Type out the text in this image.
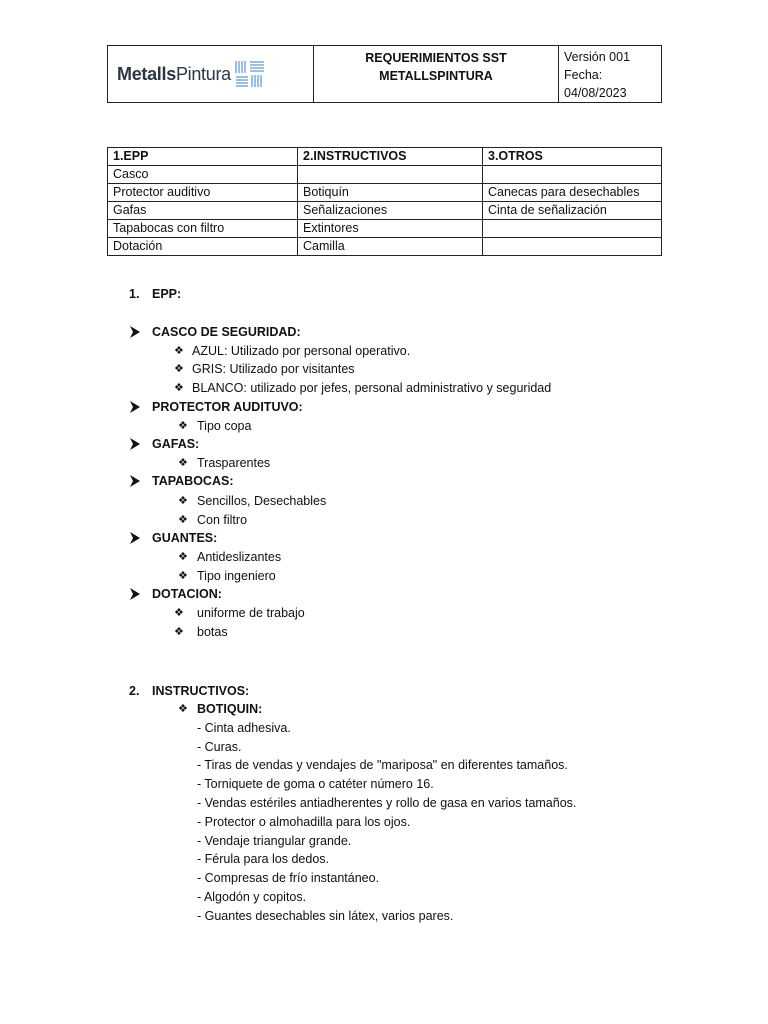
MetallsPintura

REQUERIMIENTOS SST
METALLSPINTURA

Versión 001
Fecha:
04/08/2023
1.EPP	2.INSTRUCTIVOS	3.OTROS
Casco		
Protector auditivo	Botiquín	Canecas para desechables
Gafas	Señalizaciones	Cinta de señalización
Tapabocas con filtro	Extintores	
Dotación	Camilla	
1. EPP:
CASCO DE SEGURIDAD:
❖ AZUL: Utilizado por personal operativo.
❖ GRIS: Utilizado por visitantes
❖ BLANCO: utilizado por jefes, personal administrativo y seguridad
PROTECTOR AUDITUVO:
❖ Tipo copa
GAFAS:
❖ Trasparentes
TAPABOCAS:
❖ Sencillos, Desechables
❖ Con filtro
GUANTES:
❖ Antideslizantes
❖ Tipo ingeniero
DOTACION:
❖ uniforme de trabajo
❖ botas
2. INSTRUCTIVOS:
❖ BOTIQUIN:
- Cinta adhesiva.
- Curas.
- Tiras de vendas y vendajes de "mariposa" en diferentes tamaños.
- Torniquete de goma o catéter número 16.
- Vendas estériles antiadherentes y rollo de gasa en varios tamaños.
- Protector o almohadilla para los ojos.
- Vendaje triangular grande.
- Férula para los dedos.
- Compresas de frío instantáneo.
- Algodón y copitos.
- Guantes desechables sin látex, varios pares.
